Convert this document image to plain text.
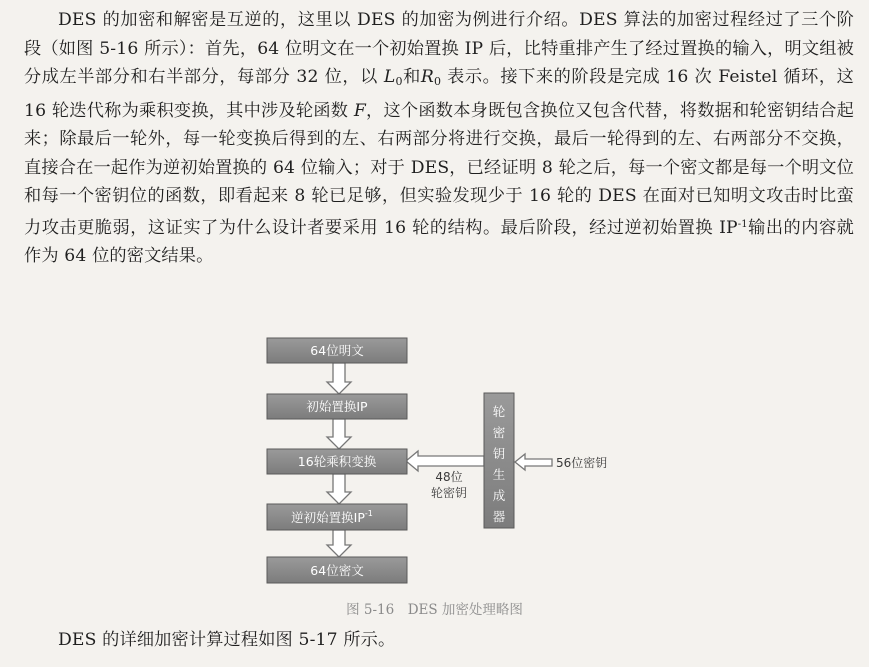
DES 的加密和解密是互逆的，这里以 DES 的加密为例进行介绍。DES 算法的加密过程经过了三个阶段（如图 5-16 所示）：首先，64 位明文在一个初始置换 IP 后，比特重排产生了经过置换的输入，明文组被分成左半部分和右半部分，每部分 32 位，以 $L_0$和$R_0$ 表示。接下来的阶段是完成 16 次 Feistel 循环，这 16 轮迭代称为乘积变换，其中涉及轮函数 F，这个函数本身既包含换位又包含代替，将数据和轮密钥结合起来；除最后一轮外，每一轮变换后得到的左、右两部分将进行交换，最后一轮得到的左、右两部分不交换，直接合在一起作为逆初始置换的 64 位输入；对于 DES，已经证明 8 轮之后，每一个密文都是每一个明文位和每一个密钥位的函数，即看起来 8 轮已足够，但实验发现少于 16 轮的 DES 在面对已知明文攻击时比蛮力攻击更脆弱，这证实了为什么设计者要采用 16 轮的结构。最后阶段，经过逆初始置换 $IP^{-1}$输出的内容就作为 64 位的密文结果。

64位明文
初始置换IP
16轮乘积变换
逆初始置换$IP^{-1}$
64位密文
轮
密
钥
生
成
器
48位
轮密钥
56位密钥
图 5-16　DES 加密处理略图

DES 的详细加密计算过程如图 5-17 所示。
